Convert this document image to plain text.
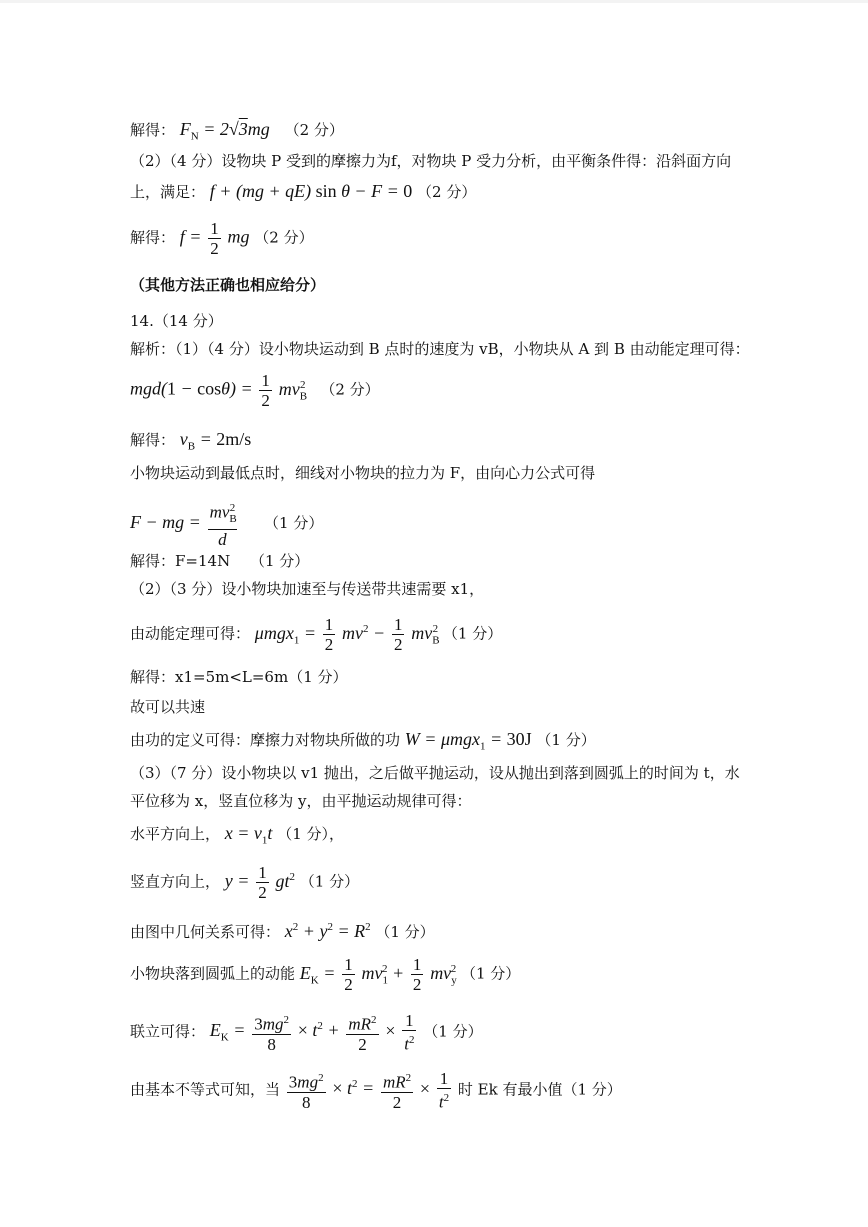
解得： $F_N = 2√3mg$ （2 分）
（2）（4 分）设物块 P 受到的摩擦力为f，对物块 P 受力分析，由平衡条件得：沿斜面方向
上，满足： f + (mg + qE) sin θ − F = 0 （2 分）
解得： $f = \frac{1}{2}$ mg （2 分）
（其他方法正确也相应给分）
14.（14 分）
解析：（1）（4 分）设小物块运动到 B 点时的速度为 vB，小物块从 A 到 B 由动能定理可得：
$mgd(1 - \cos\theta) = \frac{1}{2} mv_B^2$ （2 分）
解得： $v_B = 2m/s$
小物块运动到最低点时，细线对小物块的拉力为 F，由向心力公式可得
F − mg = $\frac{mv_B^2}{d} (1$ 分）
解得：F=14N　 （1 分）
（2）（3 分）设小物块加速至与传送带共速需要 x1，
由动能定理可得： $\mu mgx_1 = \frac{1}{2} mv^2 - \frac{1}{2} mv_B^2$ （1 分）
解得：x1=5m<L=6m（1 分）
故可以共速
由功的定义可得：摩擦力对物块所做的功 W = μmgx$_1$ = 30J （1 分）
（3）（7 分）设小物块以 v1 抛出，之后做平抛运动，设从抛出到落到圆弧上的时间为 t，水
平位移为 x，竖直位移为 y，由平抛运动规律可得：
水平方向上， $x = v_1t$ （1 分），
竖直方向上， $y = \frac{1}{2} gt^2$ （1 分）
由图中几何关系可得： $x^2 + y^2 = R^2$ （1 分）
小物块落到圆弧上的动能 $E_K = \frac{1}{2} mv_1^2 + \frac{1}{2} mv_y^2$ （1 分）
联立可得： $E_K = \frac{3mg^2}{8} \times t^2 + \frac{mR^2}{2} \times \frac{1}{t^2} (1$ 分）
由基本不等式可知，当 $\frac{3mg^2}{8} \times t^2 = \frac{mR^2}{2} \times \frac{1}{t^2}$ 时 Ek 有最小值（1 分）
